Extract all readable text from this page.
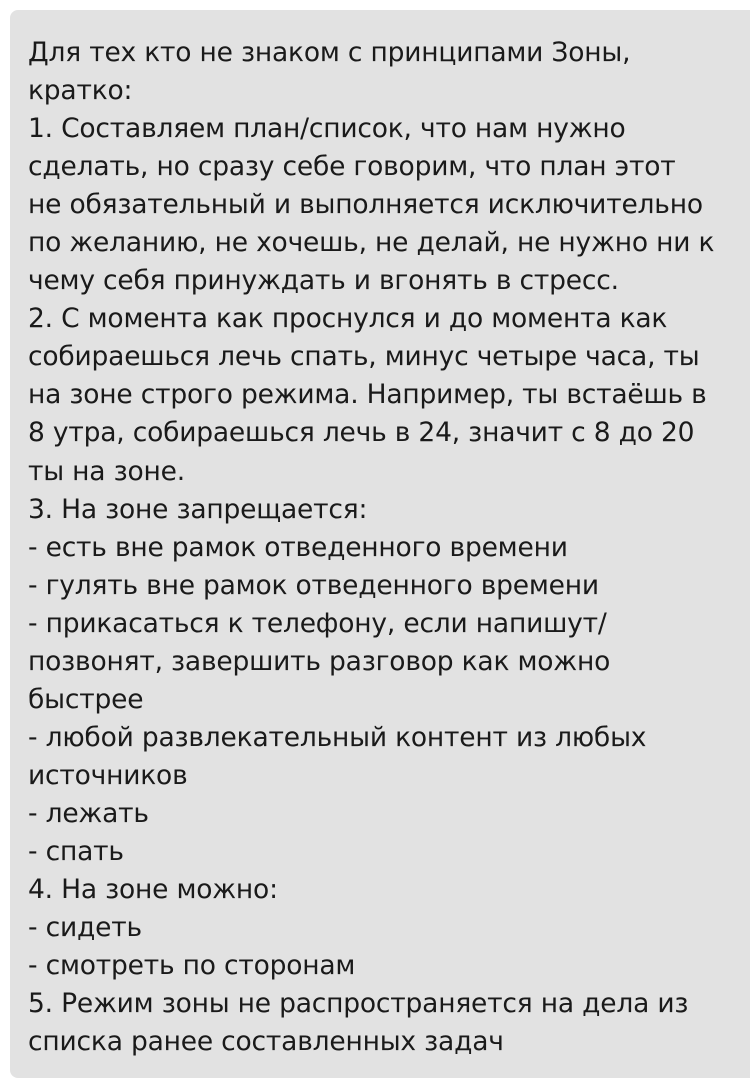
Для тех кто не знаком с принципами Зоны,
кратко:
1. Составляем план/список, что нам нужно
сделать, но сразу себе говорим, что план этот
не обязательный и выполняется исключительно
по желанию, не хочешь, не делай, не нужно ни к
чему себя принуждать и вгонять в стресс.
2. С момента как проснулся и до момента как
собираешься лечь спать, минус четыре часа, ты
на зоне строго режима. Например, ты встаёшь в
8 утра, собираешься лечь в 24, значит с 8 до 20
ты на зоне.
3. На зоне запрещается:
- есть вне рамок отведенного времени
- гулять вне рамок отведенного времени
- прикасаться к телефону, если напишут/
позвонят, завершить разговор как можно
быстрее
- любой развлекательный контент из любых
источников
- лежать
- спать
4. На зоне можно:
- сидеть
- смотреть по сторонам
5. Режим зоны не распространяется на дела из
списка ранее составленных задач
